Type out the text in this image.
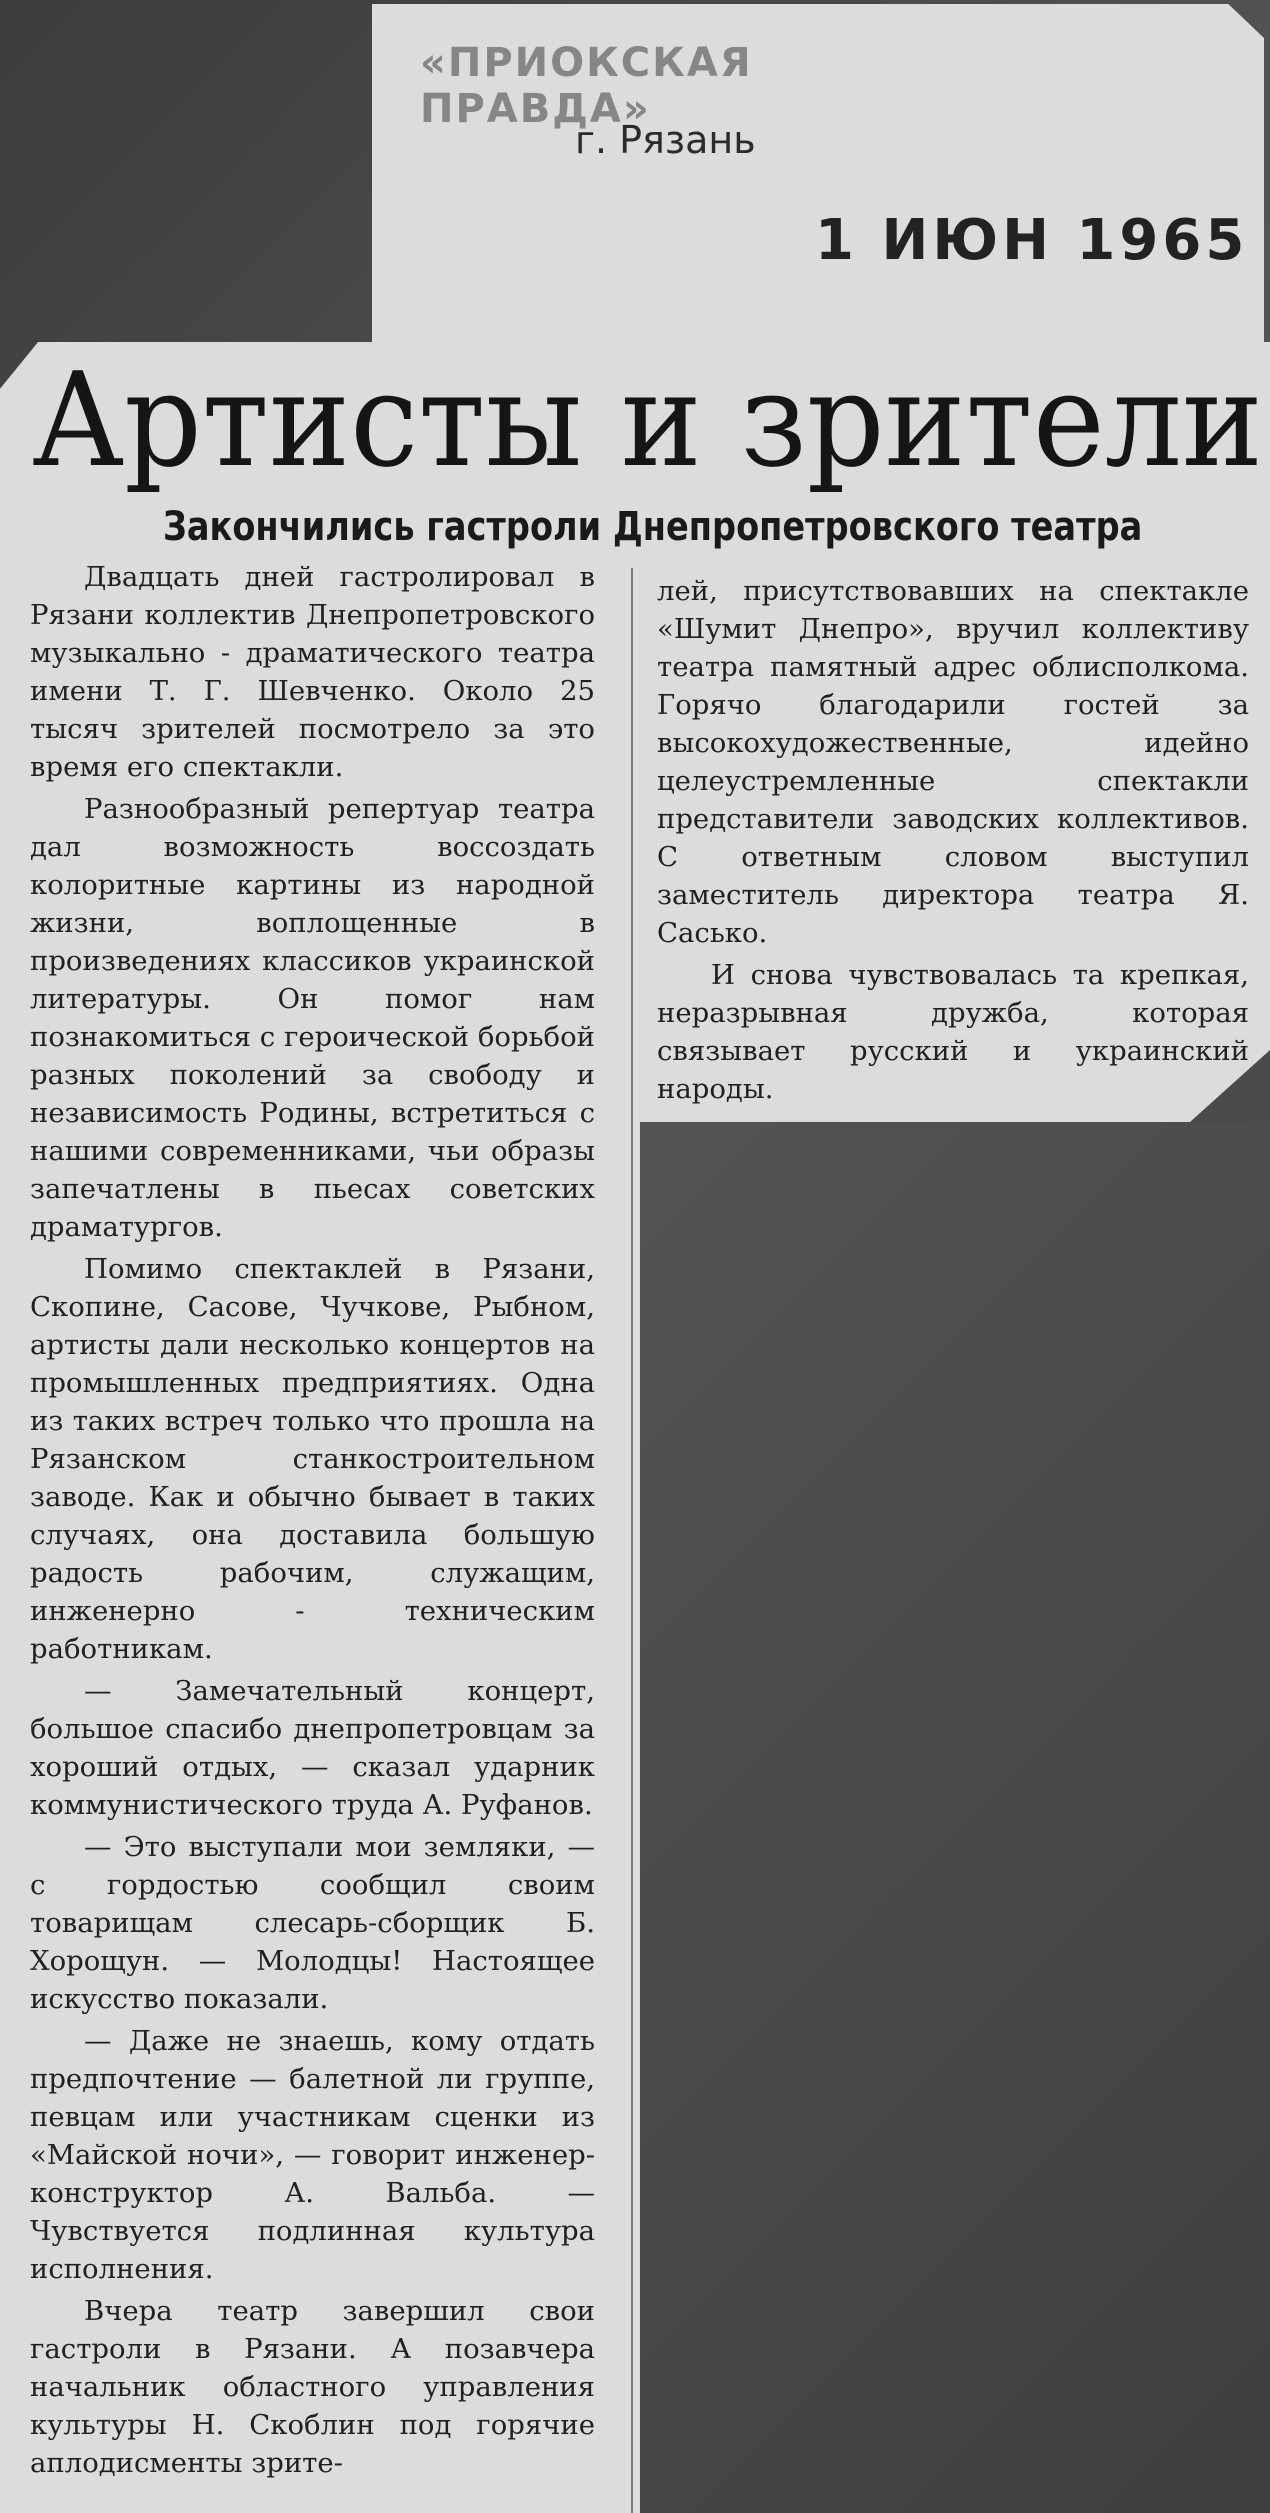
«ПРИОКСКАЯ ПРАВДА»
г. Рязань
1 ИЮН 1965
Артисты и зрители
Закончились гастроли Днепропетровского театра

Двадцать дней гастролировал в Рязани коллектив Днепропетровского музыкально - драматического театра имени Т. Г. Шевченко. Около 25 тысяч зрителей посмотрело за это время его спектакли.

Разнообразный репертуар театра дал возможность воссоздать колоритные картины из народной жизни, воплощенные в произведениях классиков украинской литературы. Он помог нам познакомиться с героической борьбой разных поколений за свободу и независимость Родины, встретиться с нашими современниками, чьи образы запечатлены в пьесах советских драматургов.

Помимо спектаклей в Рязани, Скопине, Сасове, Чучкове, Рыбном, артисты дали несколько концертов на промышленных предприятиях. Одна из таких встреч только что прошла на Рязанском станкостроительном заводе. Как и обычно бывает в таких случаях, она доставила большую радость рабочим, служащим, инженерно - техническим работникам.

— Замечательный концерт, большое спасибо днепропетровцам за хороший отдых, — сказал ударник коммунистического труда А. Руфанов.

— Это выступали мои земляки, — с гордостью сообщил своим товарищам слесарь-сборщик Б. Хорощун. — Молодцы! Настоящее искусство показали.

— Даже не знаешь, кому отдать предпочтение — балетной ли группе, певцам или участникам сценки из «Майской ночи», — говорит инженер-конструктор А. Вальба. — Чувствуется подлинная культура исполнения.

Вчера театр завершил свои гастроли в Рязани. А позавчера начальник областного управления культуры Н. Скоблин под горячие аплодисменты зрите-

лей, присутствовавших на спектакле «Шумит Днепро», вручил коллективу театра памятный адрес облисполкома. Горячо благодарили гостей за высокохудожественные, идейно целеустремленные спектакли представители заводских коллективов. С ответным словом выступил заместитель директора театра Я. Сасько.

И снова чувствовалась та крепкая, неразрывная дружба, которая связывает русский и украинский народы.
